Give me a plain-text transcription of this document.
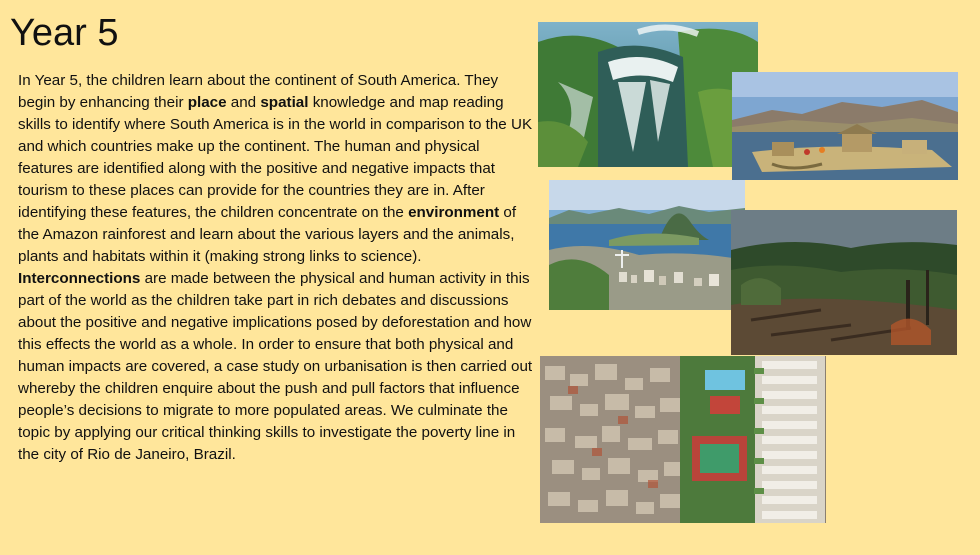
Year 5

In Year 5, the children learn about the continent of South America. They begin by enhancing their place and spatial knowledge and map reading skills to identify where South America is in the world in comparison to the UK and which countries make up the continent. The human and physical features are identified along with the positive and negative impacts that tourism to these places can provide for the countries they are in. After identifying these features, the children concentrate on the environment of the Amazon rainforest and learn about the various layers and the animals, plants and habitats within it (making strong links to science). Interconnections are made between the physical and human activity in this part of the world as the children take part in rich debates and discussions about the positive and negative implications posed by deforestation and how this effects the world as a whole. In order to ensure that both physical and human impacts are covered, a case study on urbanisation is then carried out whereby the children enquire about the push and pull factors that influence people’s decisions to migrate to more populated areas. We culminate the topic by applying our critical thinking skills to investigate the poverty line in the city of Rio de Janeiro, Brazil.
